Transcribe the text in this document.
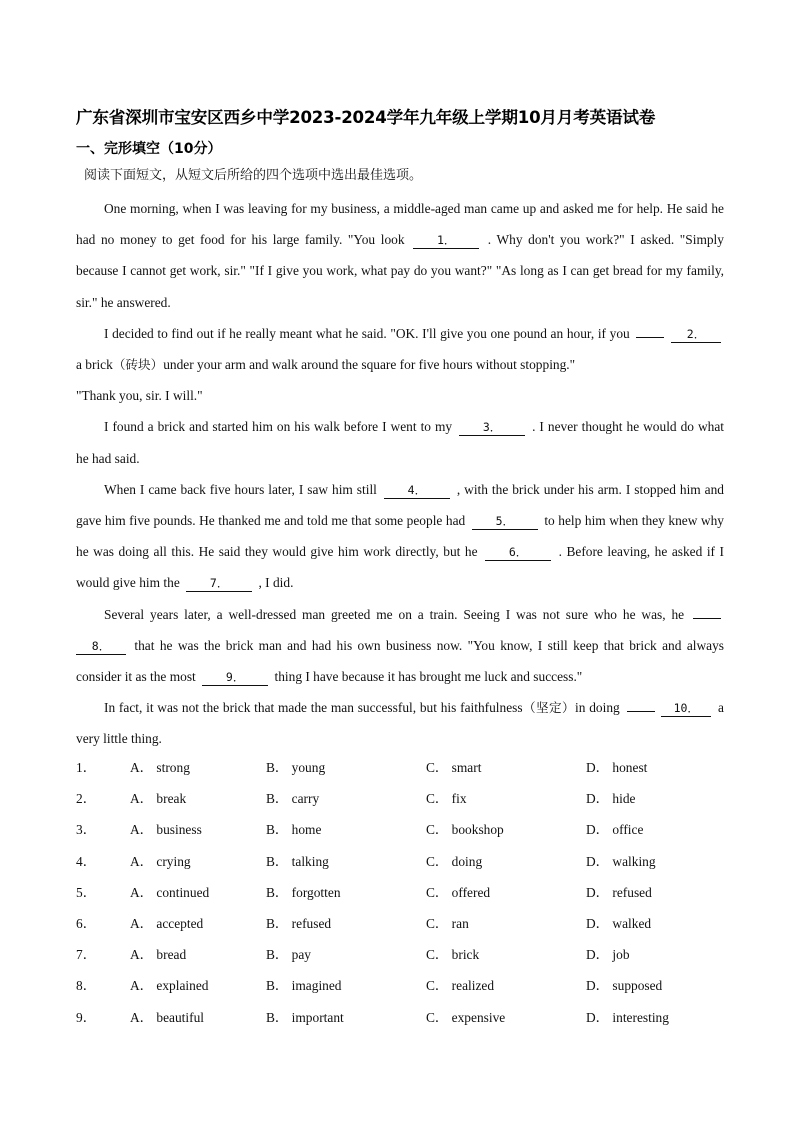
广东省深圳市宝安区西乡中学2023-2024学年九年级上学期10月月考英语试卷
一、完形填空（10分）
阅读下面短文，从短文后所给的四个选项中选出最佳选项。

One morning, when I was leaving for my business, a middle-aged man came up and asked me for help. He said he had no money to get food for his large family. "You look	1． . Why don't you work?" I asked. "Simply because I cannot get work, sir." "If I give you work, what pay do you want?" "As long as I can get bread for my family, sir." he answered.

I decided to find out if he really meant what he said. "OK. I'll give you one pound an hour, if you	2． a brick（砖块）under your arm and walk around the square for five hours without stopping."

"Thank you, sir. I will."

I found a brick and started him on his walk before I went to my	3． . I never thought he would do what he had said.

When I came back five hours later, I saw him still	4． , with the brick under his arm. I stopped him and gave him five pounds. He thanked me and told me that some people had	5． to help him when they knew why he was doing all this. He said they would give him work directly, but he	6． . Before leaving, he asked if I would give him the	7． , I did.

Several years later, a well-dressed man greeted me on a train. Seeing I was not sure who he was, he  8． that he was the brick man and had his own business now. "You know, I still keep that brick and always consider it as the most	9． thing I have because it has brought me luck and success."

In fact, it was not the brick that made the man successful, but his faithfulness（坚定）in doing	10． a very little thing.

1．	A． strong	B． young	C． smart	D． honest
2．	A． break	B． carry	C． fix	D． hide
3．	A． business	B． home	C． bookshop	D． office
4．	A． crying	B． talking	C． doing	D． walking
5．	A． continued	B． forgotten	C． offered	D． refused
6．	A． accepted	B． refused	C． ran	D． walked
7．	A． bread	B． pay	C． brick	D． job
8．	A． explained	B． imagined	C． realized	D． supposed
9．	A． beautiful	B． important	C． expensive	D． interesting
